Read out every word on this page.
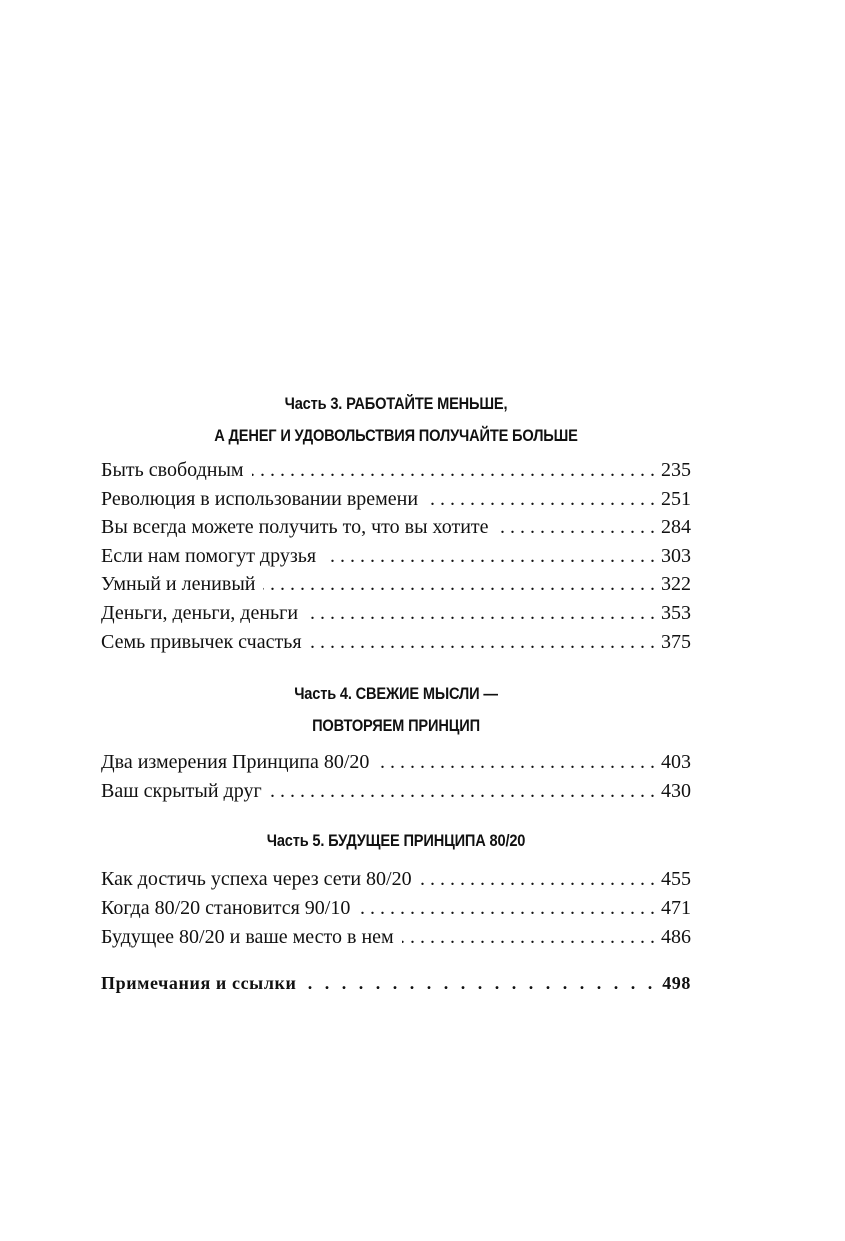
Часть 3. РАБОТАЙТЕ МЕНЬШЕ,
А ДЕНЕГ И УДОВОЛЬСТВИЯ ПОЛУЧАЙТЕ БОЛЬШЕ
Быть свободным . . .	235
Революция в использовании времени . . .	251
Вы всегда можете получить то, что вы хотите . . .	284
Если нам помогут друзья . . .	303
Умный и ленивый . . .	322
Деньги, деньги, деньги . . .	353
Семь привычек счастья . . .	375
Часть 4. СВЕЖИЕ МЫСЛИ —
ПОВТОРЯЕМ ПРИНЦИП
Два измерения Принципа 80/20 . . .	403
Ваш скрытый друг . . .	430
Часть 5. БУДУЩЕЕ ПРИНЦИПА 80/20
Как достичь успеха через сети 80/20 . . .	455
Когда 80/20 становится 90/10 . . .	471
Будущее 80/20 и ваше место в нем . . .	486
Примечания и ссылки . . .	498
